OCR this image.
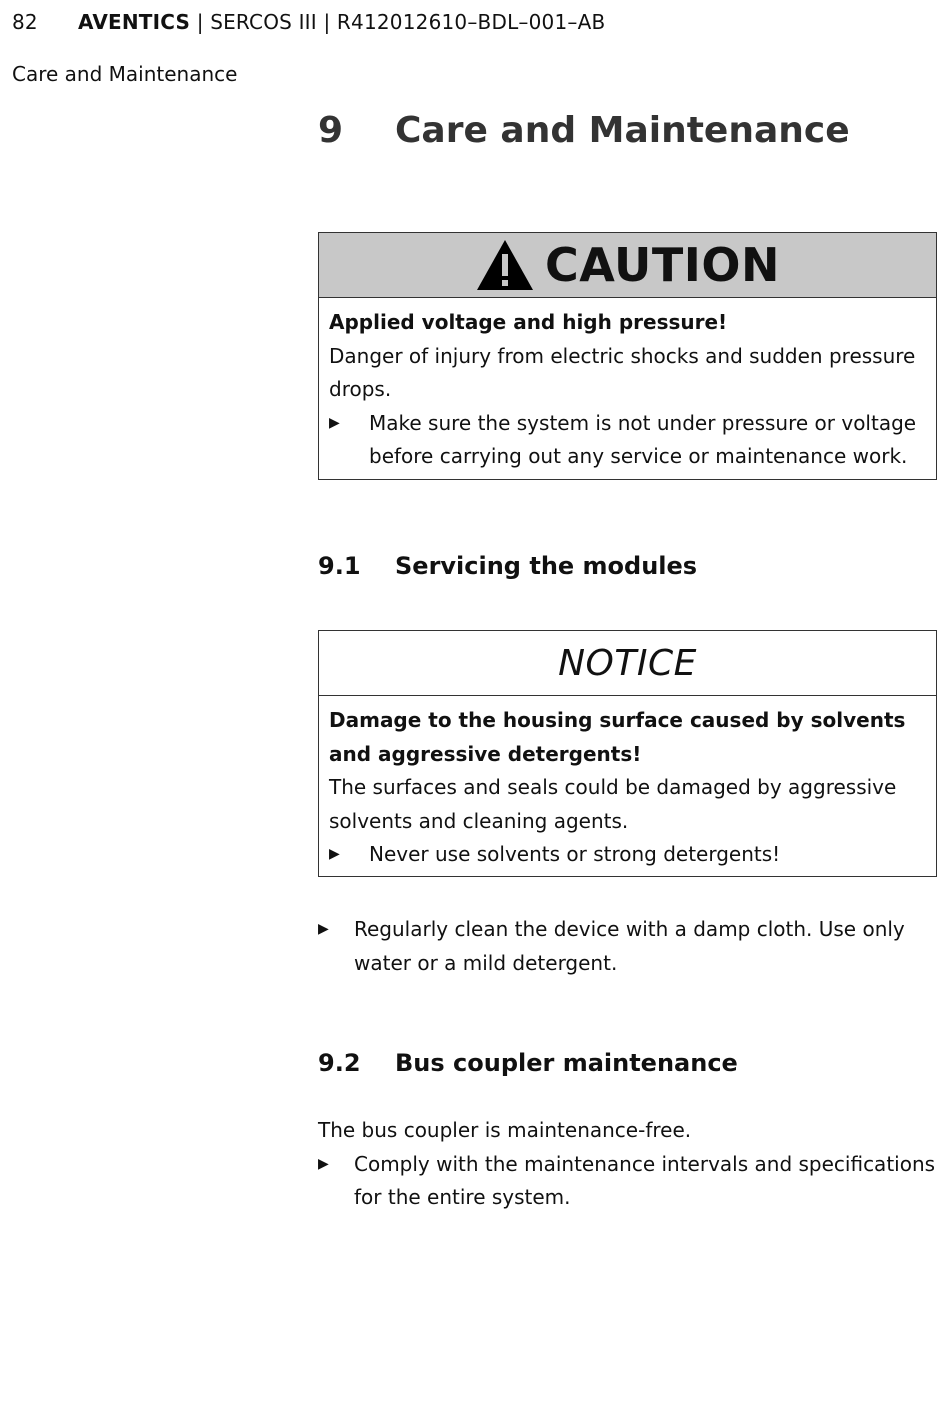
82 AVENTICS | SERCOS III | R412012610–BDL–001–AB
Care and Maintenance
9 Care and Maintenance
CAUTION
Applied voltage and high pressure!
Danger of injury from electric shocks and sudden pressure drops.
▶	Make sure the system is not under pressure or voltage before carrying out any service or maintenance work.
9.1 Servicing the modules
NOTICE
Damage to the housing surface caused by solvents and aggressive detergents!
The surfaces and seals could be damaged by aggressive solvents and cleaning agents.
▶	Never use solvents or strong detergents!
▶	Regularly clean the device with a damp cloth. Use only water or a mild detergent.
9.2 Bus coupler maintenance
The bus coupler is maintenance-free.
▶	Comply with the maintenance intervals and specifications for the entire system.
